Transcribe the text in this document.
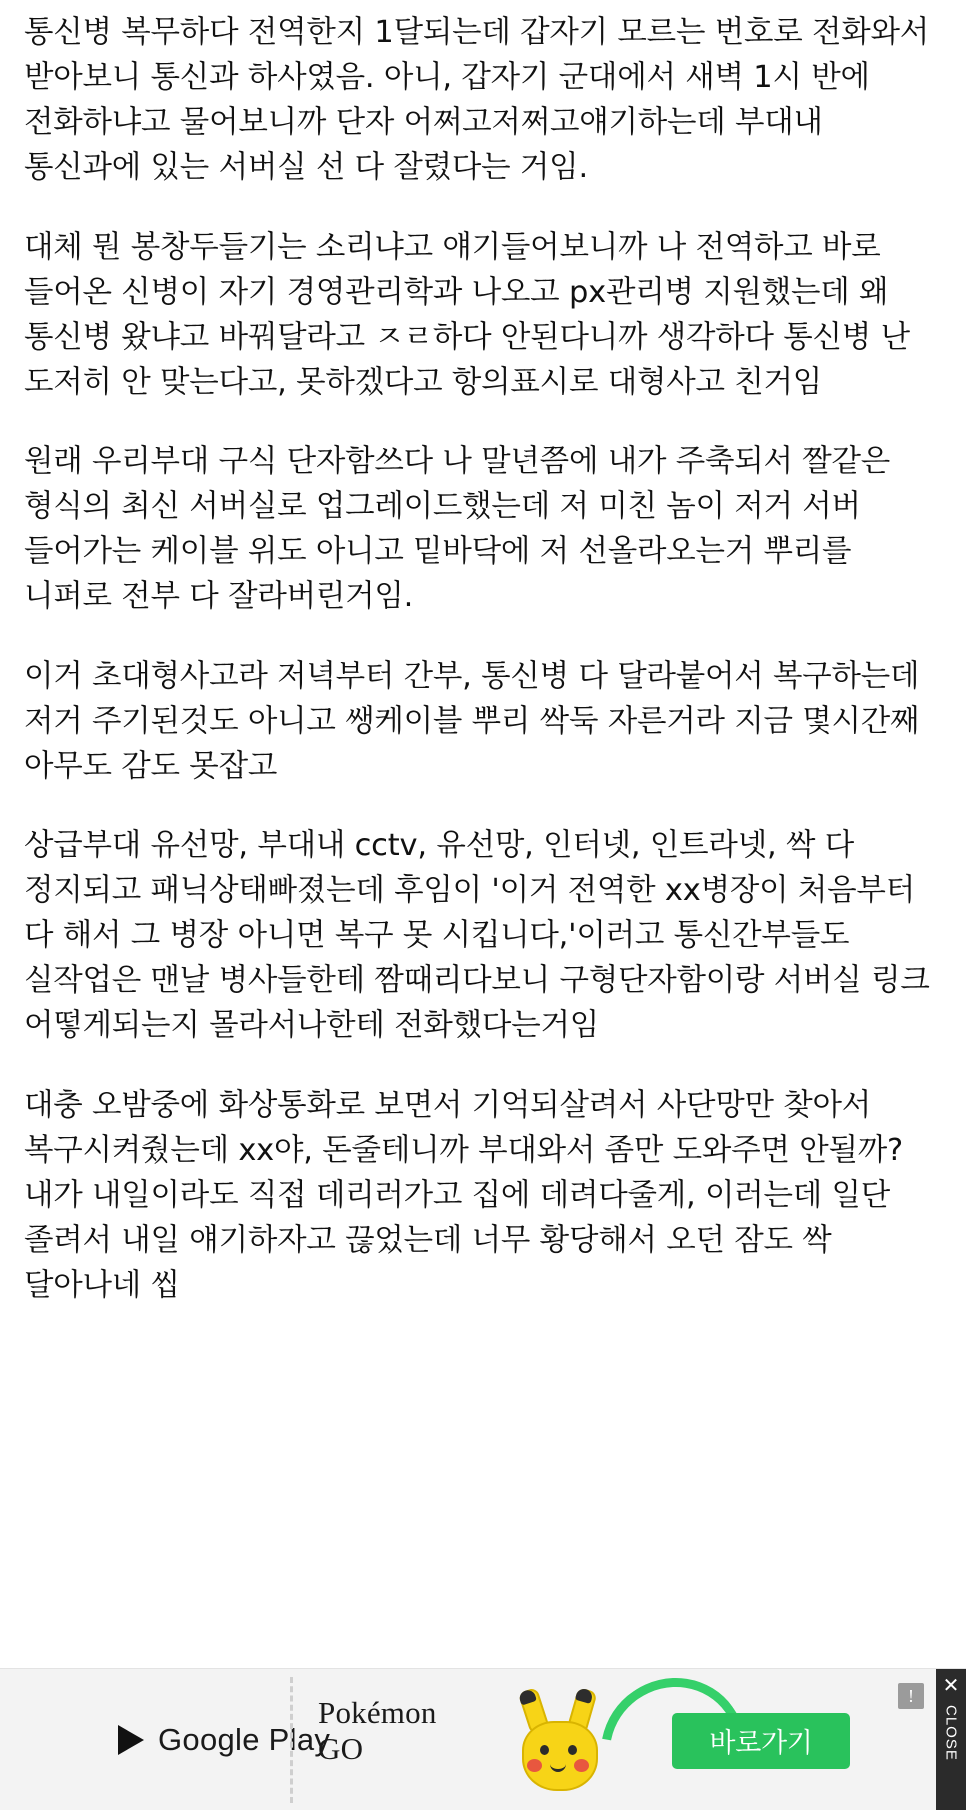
통신병 복무하다 전역한지 1달되는데 갑자기 모르는 번호로 전화와서 받아보니 통신과 하사였음. 아니, 갑자기 군대에서 새벽 1시 반에 전화하냐고 물어보니까 단자 어쩌고저쩌고얘기하는데 부대내 통신과에 있는 서버실 선 다 잘렸다는 거임.

대체 뭔 봉창두들기는 소리냐고 얘기들어보니까 나 전역하고 바로 들어온 신병이 자기 경영관리학과 나오고 px관리병 지원했는데 왜 통신병 왔냐고 바꿔달라고 ㅈㄹ하다 안된다니까 생각하다 통신병 난 도저히 안 맞는다고, 못하겠다고 항의표시로 대형사고 친거임

원래 우리부대 구식 단자함쓰다 나 말년쯤에 내가 주축되서 짤같은 형식의 최신 서버실로 업그레이드했는데 저 미친 놈이 저거 서버 들어가는 케이블 위도 아니고 밑바닥에 저 선올라오는거 뿌리를 니퍼로 전부 다 잘라버린거임.

이거 초대형사고라 저녁부터 간부, 통신병 다 달라붙어서 복구하는데 저거 주기된것도 아니고 쌩케이블 뿌리 싹둑 자른거라 지금 몇시간째 아무도 감도 못잡고

상급부대 유선망, 부대내 cctv, 유선망, 인터넷, 인트라넷, 싹 다 정지되고 패닉상태빠졌는데 후임이 '이거 전역한 xx병장이 처음부터 다 해서 그 병장 아니면 복구 못 시킵니다,'이러고 통신간부들도 실작업은 맨날 병사들한테 짬때리다보니 구형단자함이랑 서버실 링크 어떻게되는지 몰라서나한테 전화했다는거임

대충 오밤중에 화상통화로 보면서 기억되살려서 사단망만 찾아서 복구시켜줬는데 xx야, 돈줄테니까 부대와서 좀만 도와주면 안될까? 내가 내일이라도 직접 데리러가고 집에 데려다줄게, 이러는데 일단 졸려서 내일 얘기하자고 끊었는데 너무 황당해서 오던 잠도 싹 달아나네 씹

Google Play
Pokémon
GO	바로가기
!	✕
CLOSE
